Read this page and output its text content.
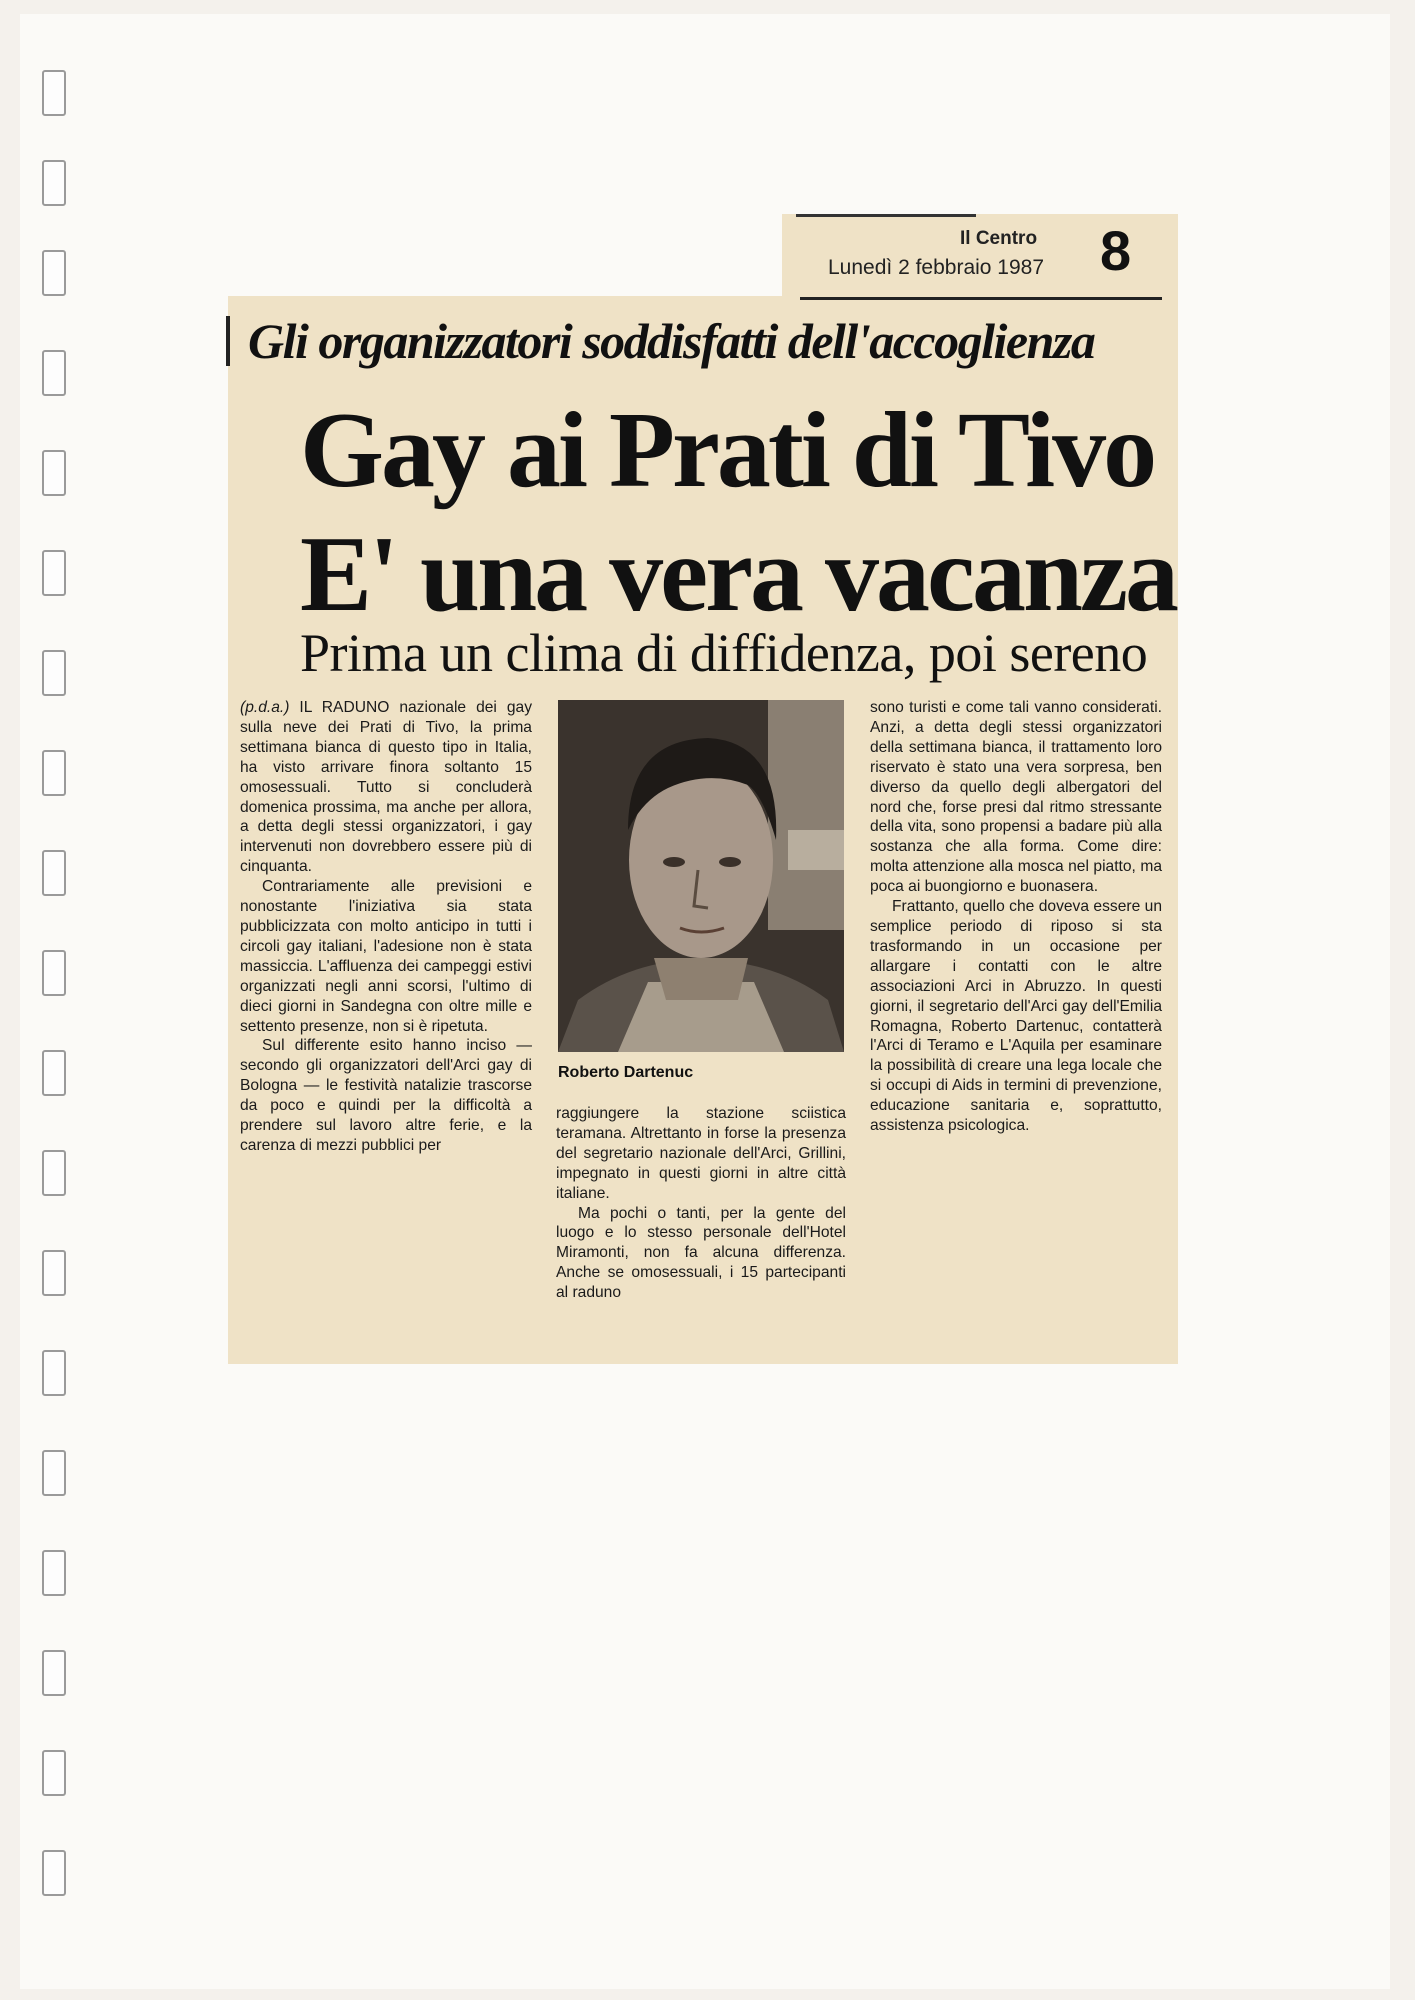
Il Centro
Lunedì 2 febbraio 1987 8
Gli organizzatori soddisfatti dell'accoglienza
Gay ai Prati di Tivo
E' una vera vacanza
Prima un clima di diffidenza, poi sereno

(p.d.a.) IL RADUNO nazionale dei gay sulla neve dei Prati di Tivo, la prima settimana bianca di questo tipo in Italia, ha visto arrivare finora soltanto 15 omosessuali. Tutto si concluderà domenica prossima, ma anche per allora, a detta degli stessi organizzatori, i gay intervenuti non dovrebbero essere più di cinquanta.

Contrariamente alle previsioni e nonostante l'iniziativa sia stata pubblicizzata con molto anticipo in tutti i circoli gay italiani, l'adesione non è stata massiccia. L'affluenza dei campeggi estivi organizzati negli anni scorsi, l'ultimo di dieci giorni in Sandegna con oltre mille e settento presenze, non si è ripetuta.

Sul differente esito hanno inciso — secondo gli organizzatori dell'Arci gay di Bologna — le festività natalizie trascorse da poco e quindi per la difficoltà a prendere sul lavoro altre ferie, e la carenza di mezzi pubblici per

Roberto Dartenuc

raggiungere la stazione sciistica teramana. Altrettanto in forse la presenza del segretario nazionale dell'Arci, Grillini, impegnato in questi giorni in altre città italiane.

Ma pochi o tanti, per la gente del luogo e lo stesso personale dell'Hotel Miramonti, non fa alcuna differenza. Anche se omosessuali, i 15 partecipanti al raduno

sono turisti e come tali vanno considerati. Anzi, a detta degli stessi organizzatori della settimana bianca, il trattamento loro riservato è stato una vera sorpresa, ben diverso da quello degli albergatori del nord che, forse presi dal ritmo stressante della vita, sono propensi a badare più alla sostanza che alla forma. Come dire: molta attenzione alla mosca nel piatto, ma poca ai buongiorno e buonasera.

Frattanto, quello che doveva essere un semplice periodo di riposo si sta trasformando in un occasione per allargare i contatti con le altre associazioni Arci in Abruzzo. In questi giorni, il segretario dell'Arci gay dell'Emilia Romagna, Roberto Dartenuc, contatterà l'Arci di Teramo e L'Aquila per esaminare la possibilità di creare una lega locale che si occupi di Aids in termini di prevenzione, educazione sanitaria e, soprattutto, assistenza psicologica.
